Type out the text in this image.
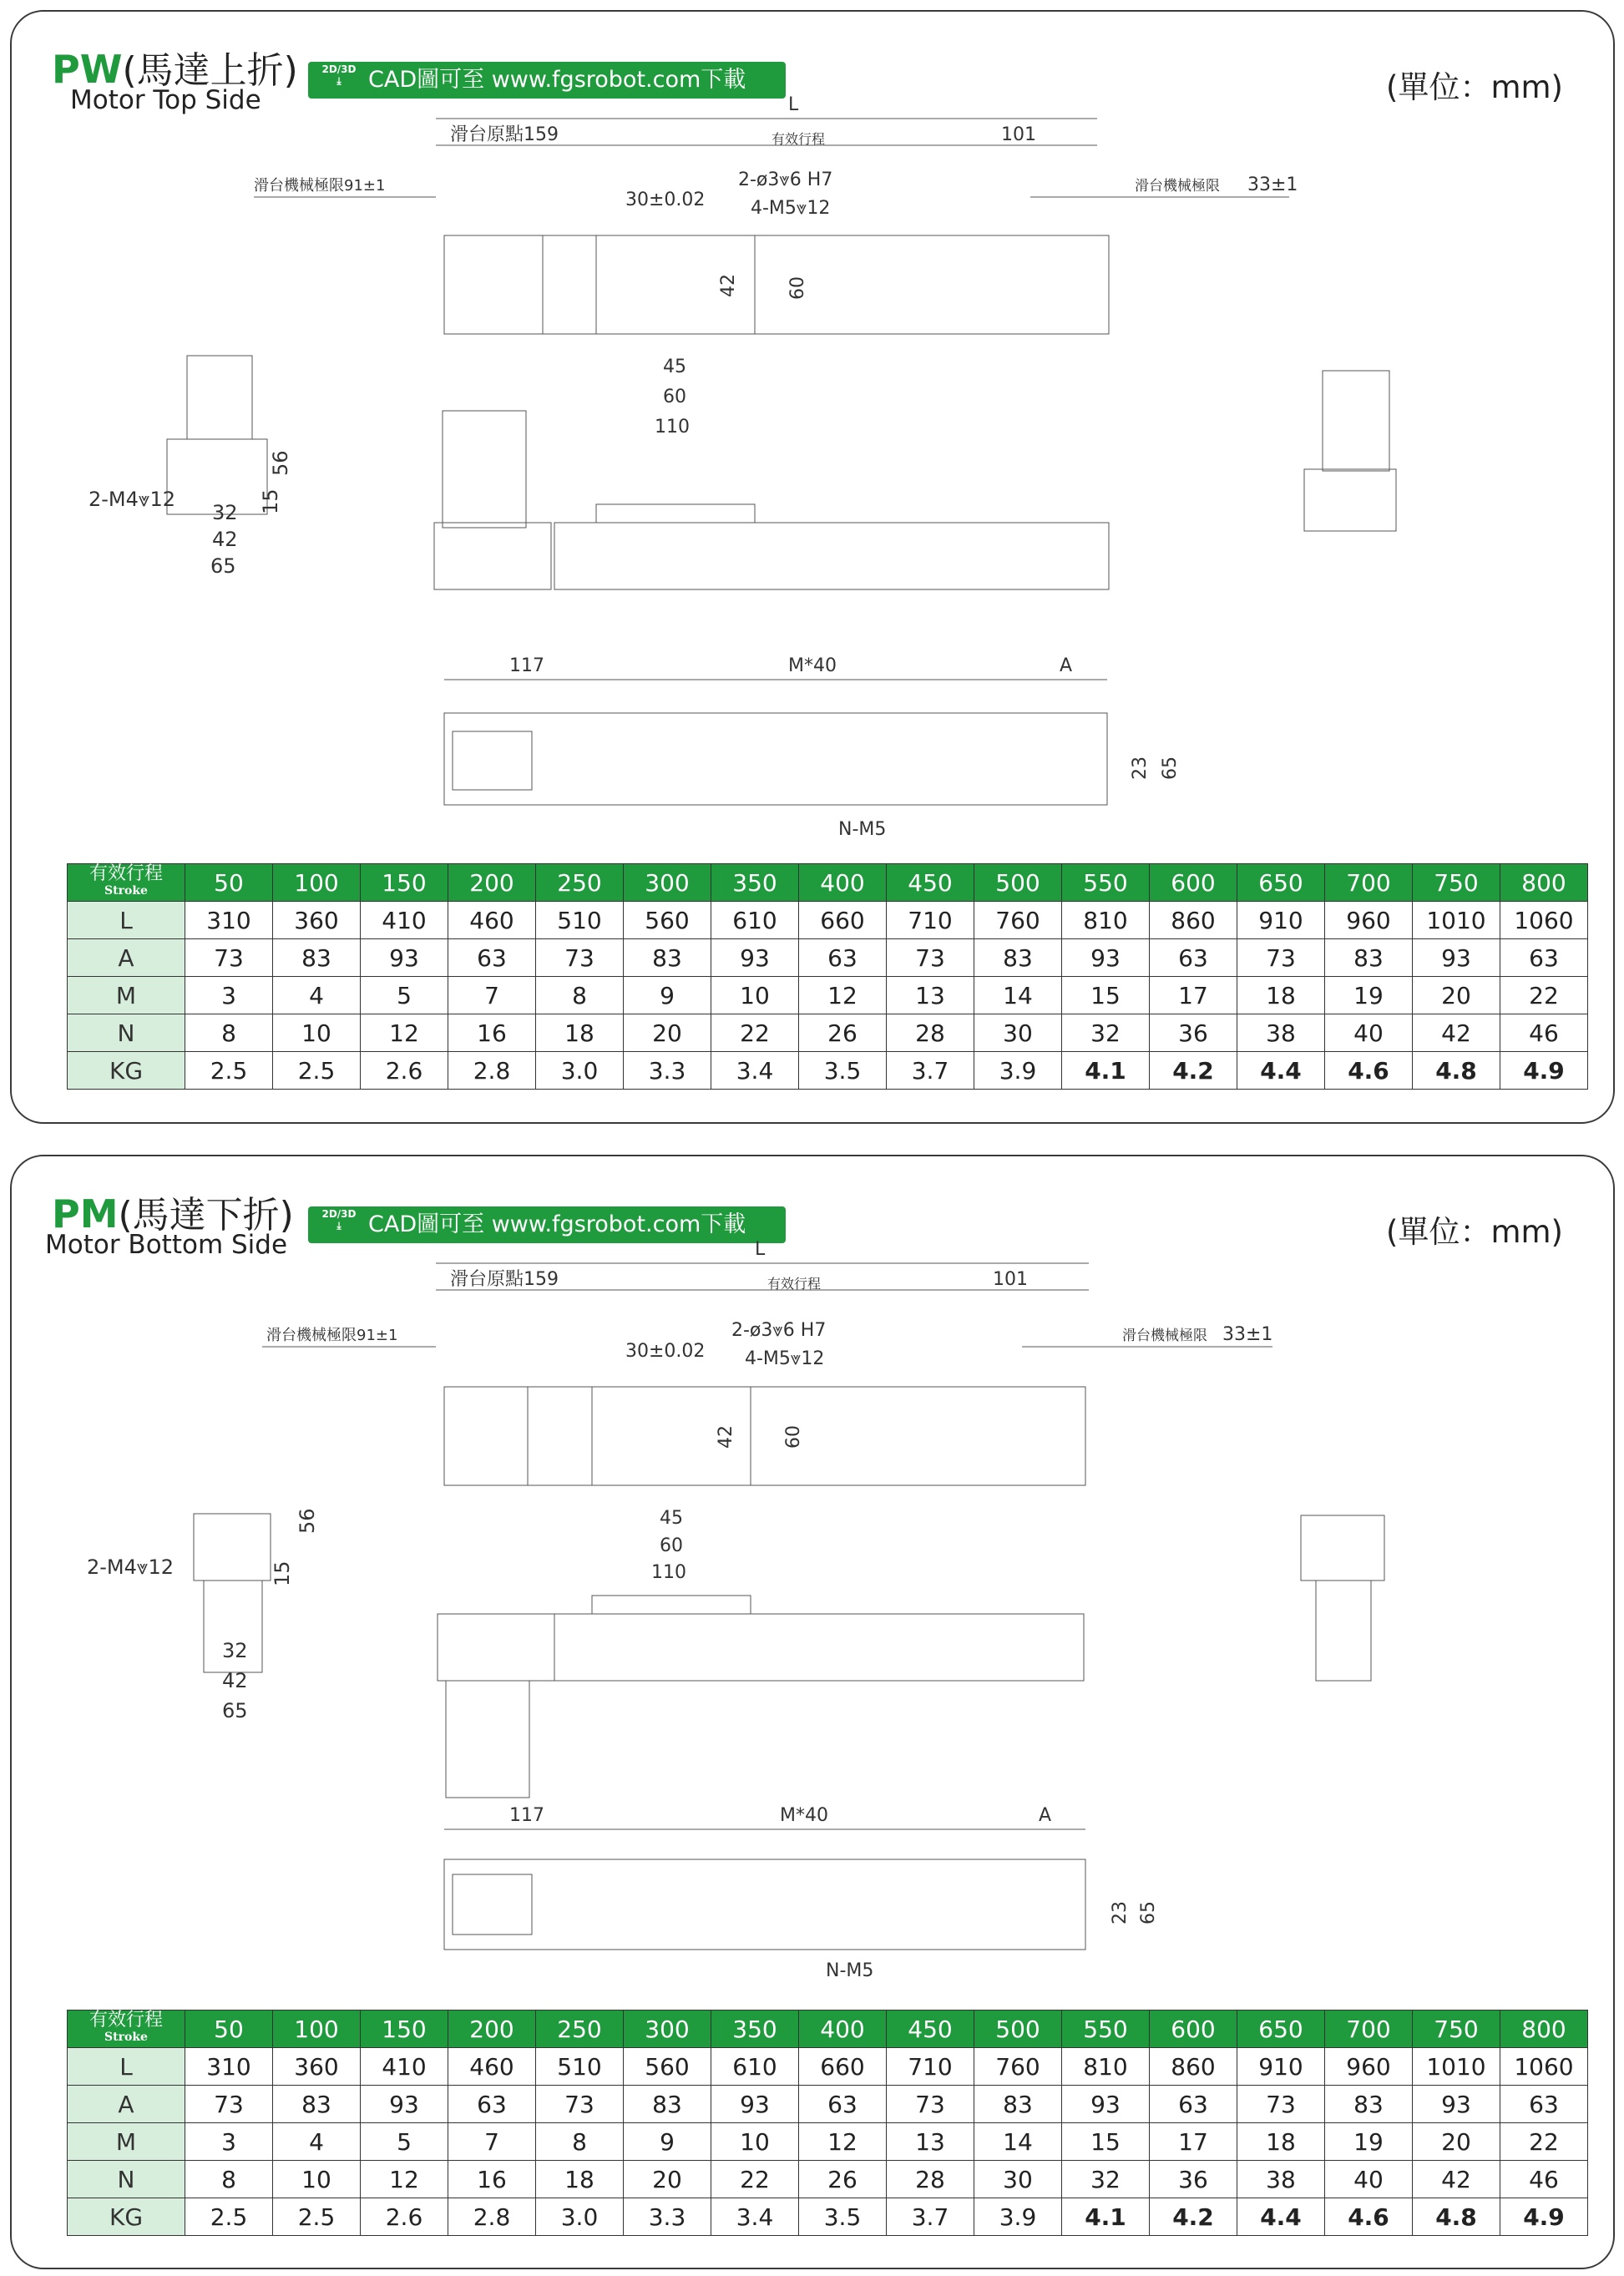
PW(馬達上折)
Motor Top Side
2D/3D
⤓	CAD圖可至 www.fgsrobot.com下載	(單位：mm)
L
滑台原點159	有效行程	101
滑台機械極限91±1	滑台機械極限 33±1
2-ø3⩔6 H7
30±0.02 4-M5⩔12
42	60
45
60
110
56
15
2-M4⩔12
32
42
65
117	M*40	A
23 65
N-M5
有效行程
Stroke	50	100	150	200	250	300	350	400	450	500	550	600	650	700	750	800
L	310	360	410	460	510	560	610	660	710	760	810	860	910	960	1010	1060
A	73	83	93	63	73	83	93	63	73	83	93	63	73	83	93	63
M	3	4	5	7	8	9	10	12	13	14	15	17	18	19	20	22
N	8	10	12	16	18	20	22	26	28	30	32	36	38	40	42	46
KG	2.5	2.5	2.6	2.8	3.0	3.3	3.4	3.5	3.7	3.9	4.1	4.2	4.4	4.6	4.8	4.9
PM(馬達下折)
Motor Bottom Side
2D/3D
⤓	CAD圖可至 www.fgsrobot.com下載	(單位：mm)
L
滑台原點159	有效行程	101
滑台機械極限91±1	滑台機械極限 33±1
2-ø3⩔6 H7
30±0.02 4-M5⩔12
42	60
45
60
110
56
15
2-M4⩔12
32
42
65
117	M*40	A
23 65
N-M5
有效行程
Stroke	50	100	150	200	250	300	350	400	450	500	550	600	650	700	750	800
L	310	360	410	460	510	560	610	660	710	760	810	860	910	960	1010	1060
A	73	83	93	63	73	83	93	63	73	83	93	63	73	83	93	63
M	3	4	5	7	8	9	10	12	13	14	15	17	18	19	20	22
N	8	10	12	16	18	20	22	26	28	30	32	36	38	40	42	46
KG	2.5	2.5	2.6	2.8	3.0	3.3	3.4	3.5	3.7	3.9	4.1	4.2	4.4	4.6	4.8	4.9
